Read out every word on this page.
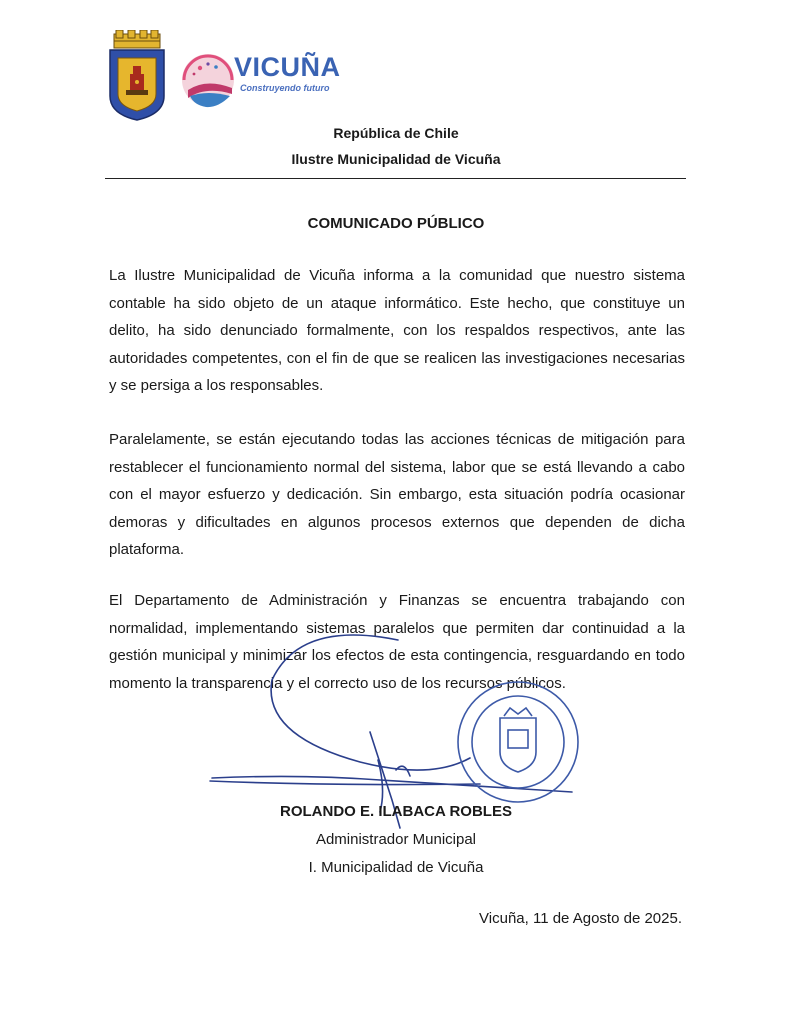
VICUÑA
Construyendo futuro
República de Chile
Ilustre Municipalidad de Vicuña
COMUNICADO PÚBLICO

La Ilustre Municipalidad de Vicuña informa a la comunidad que nuestro sistema contable ha sido objeto de un ataque informático. Este hecho, que constituye un delito, ha sido denunciado formalmente, con los respaldos respectivos, ante las autoridades competentes, con el fin de que se realicen las investigaciones necesarias y se persiga a los responsables.

Paralelamente, se están ejecutando todas las acciones técnicas de mitigación para restablecer el funcionamiento normal del sistema, labor que se está llevando a cabo con el mayor esfuerzo y dedicación. Sin embargo, esta situación podría ocasionar demoras y dificultades en algunos procesos externos que dependen de dicha plataforma.

El Departamento de Administración y Finanzas se encuentra trabajando con normalidad, implementando sistemas paralelos que permiten dar continuidad a la gestión municipal y minimizar los efectos de esta contingencia, resguardando en todo momento la transparencia y el correcto uso de los recursos públicos.

ROLANDO E. ILABACA ROBLES
Administrador Municipal
I. Municipalidad de Vicuña
Vicuña, 11 de Agosto de 2025.
